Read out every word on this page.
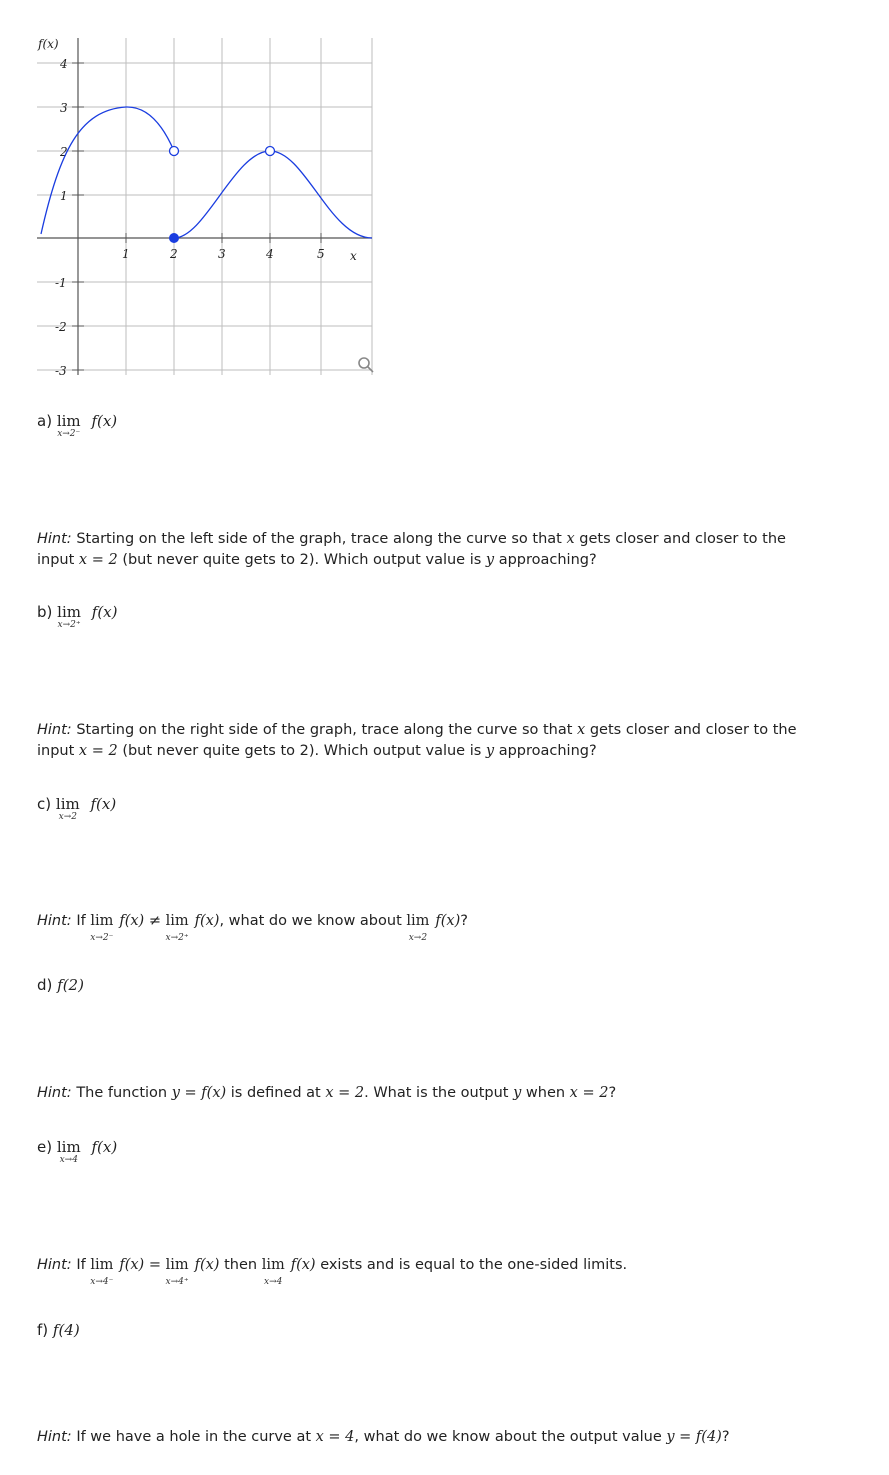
f(x)
4
3
2
1
-1
-2
-3
1	2	3	4	5 x
a) lim
x→2⁻
f(x)
Hint: Starting on the left side of the graph, trace along the curve so that x gets closer and closer to the
input x = 2 (but never quite gets to 2). Which output value is y approaching?
b) lim
x→2⁺
f(x)
Hint: Starting on the right side of the graph, trace along the curve so that x gets closer and closer to the
input x = 2 (but never quite gets to 2). Which output value is y approaching?
c) lim
x→2
f(x)
Hint: If lim
x→2⁻
f(x) ≠ lim
x→2⁺
f(x), what do we know about lim
x→2
f(x)?
d) f(2)
Hint: The function y = f(x) is defined at x = 2. What is the output y when x = 2?
e) lim
x→4
f(x)
Hint: If lim
x→4⁻
f(x) = lim
x→4⁺
f(x) then lim
x→4
f(x) exists and is equal to the one-sided limits.
f) f(4)
Hint: If we have a hole in the curve at x = 4, what do we know about the output value y = f(4)?
